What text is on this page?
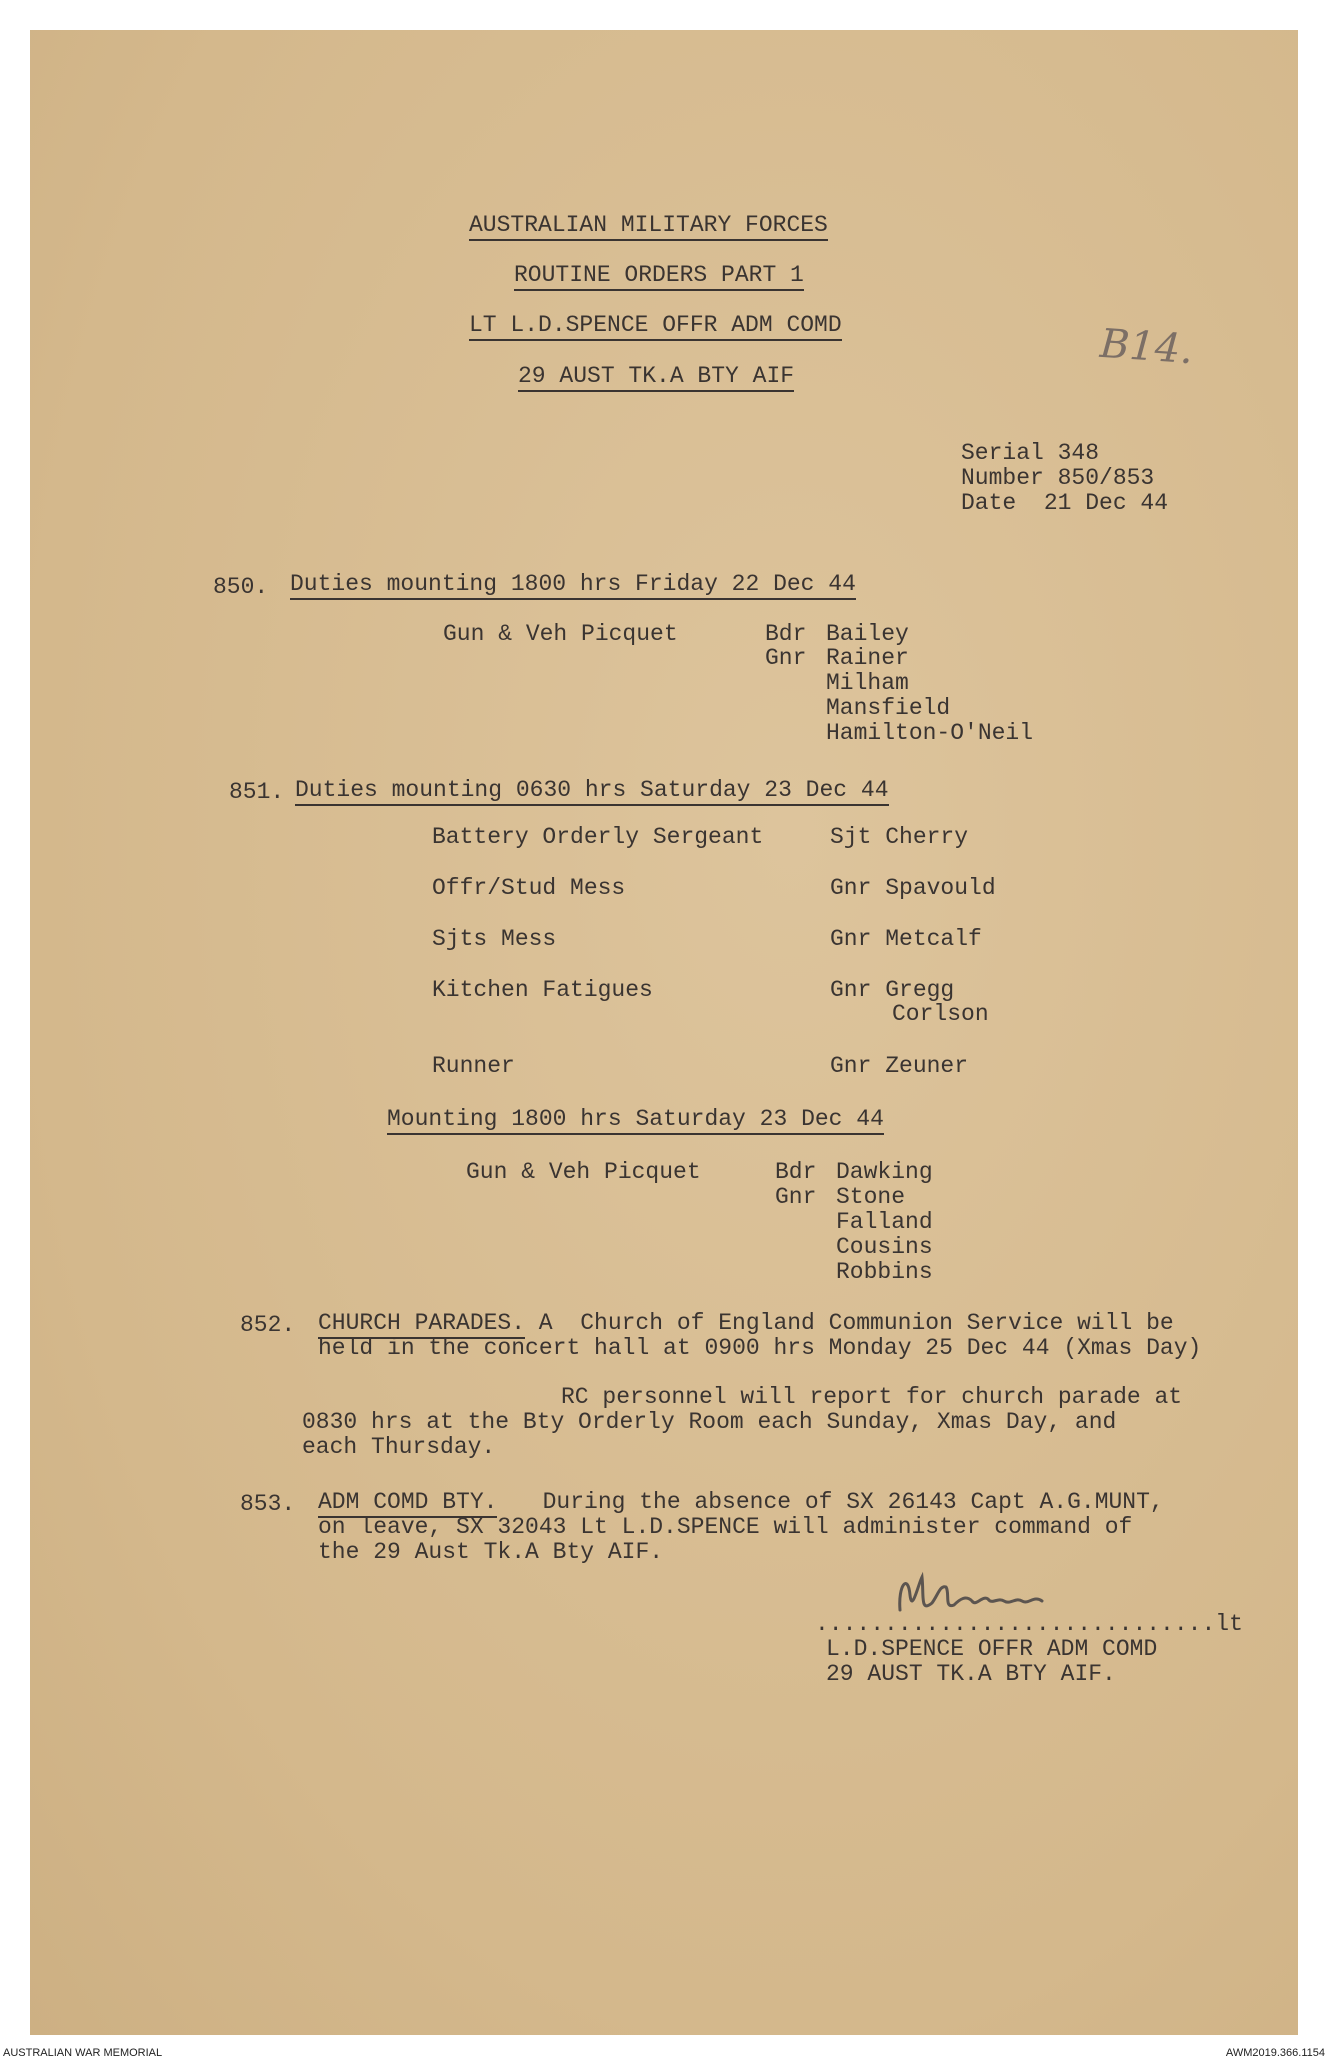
B14.
AUSTRALIAN MILITARY FORCES
ROUTINE ORDERS PART 1
LT L.D.SPENCE OFFR ADM COMD
29 AUST TK.A BTY AIF
Serial 348
Number 850/853
Date  21 Dec 44
850. Duties mounting 1800 hrs Friday 22 Dec 44
Gun & Veh Picquet	Bdr Bailey
Gnr Rainer
Milham
Mansfield
Hamilton-O'Neil
851. Duties mounting 0630 hrs Saturday 23 Dec 44
Battery Orderly Sergeant	Sjt Cherry
Offr/Stud Mess	Gnr Spavould
Sjts Mess	Gnr Metcalf
Kitchen Fatigues	Gnr Gregg
Corlson
Runner	Gnr Zeuner
Mounting 1800 hrs Saturday 23 Dec 44
Gun & Veh Picquet	Bdr Dawking
Gnr Stone
Falland
Cousins
Robbins
852. CHURCH PARADES. A  Church of England Communion Service will be
held in the concert hall at 0900 hrs Monday 25 Dec 44 (Xmas Day)
RC personnel will report for church parade at
0830 hrs at the Bty Orderly Room each Sunday, Xmas Day, and
each Thursday.
853. ADM COMD BTY. During the absence of SX 26143 Capt A.G.MUNT,
on leave, SX 32043 Lt L.D.SPENCE will administer command of
the 29 Aust Tk.A Bty AIF.
.............................lt
L.D.SPENCE OFFR ADM COMD
29 AUST TK.A BTY AIF.
AUSTRALIAN WAR MEMORIAL	AWM2019.366.1154
